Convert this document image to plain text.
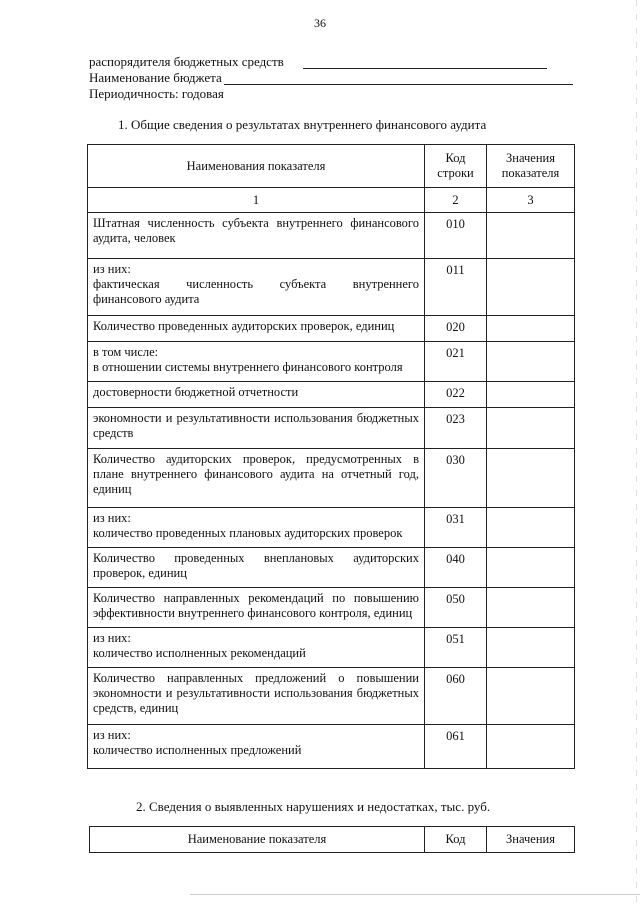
36
распорядителя бюджетных средств
Наименование бюджета
Периодичность: годовая
1. Общие сведения о результатах внутреннего финансового аудита
Наименования показателя	Код строки	Значения показателя
1	2	3
Штатная численность субъекта внутреннего финансового аудита, человек	010	

из них:
фактическая численность субъекта внутреннего финансового аудита	011	
Количество проведенных аудиторских проверок, единиц	020	

в том числе:
в отношении системы внутреннего финансового контроля	021	
достоверности бюджетной отчетности	022	
экономности и результативности использования бюджетных средств	023	
Количество аудиторских проверок, предусмотренных в плане внутреннего финансового аудита на отчетный год, единиц	030	

из них:
количество проведенных плановых аудиторских проверок	031	
Количество проведенных внеплановых аудиторских проверок, единиц	040	
Количество направленных рекомендаций по повышению эффективности внутреннего финансового контроля, единиц	050	

из них:
количество исполненных рекомендаций	051	
Количество направленных предложений о повышении экономности и результативности использования бюджетных средств, единиц	060	

из них:
количество исполненных предложений	061	
2. Сведения о выявленных нарушениях и недостатках, тыс. руб.
Наименование показателя	Код	Значения
